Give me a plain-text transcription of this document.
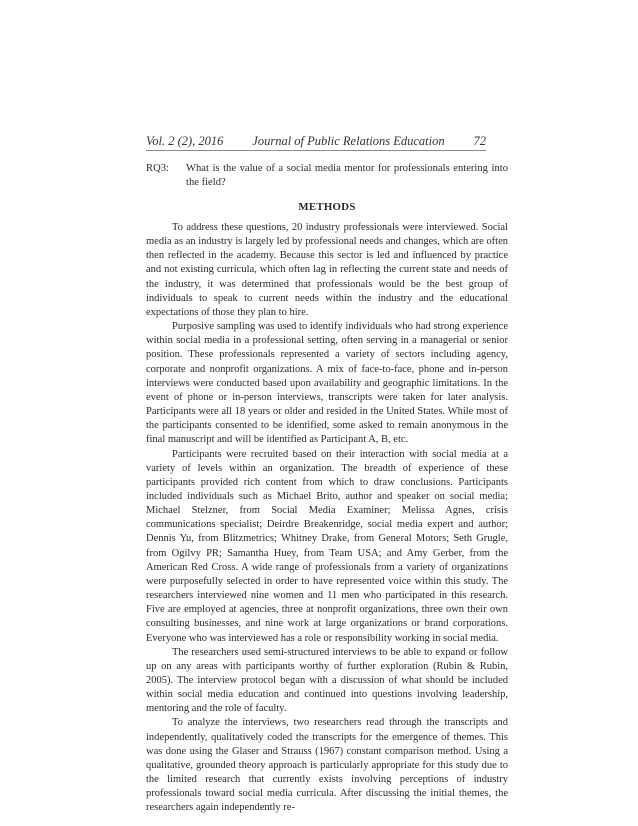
Vol. 2 (2), 2016 Journal of Public Relations Education 72
RQ3:	What is the value of a social media mentor for professionals entering into the field?
METHODS

To address these questions, 20 industry professionals were interviewed. Social media as an industry is largely led by professional needs and changes, which are often then reflected in the academy. Because this sector is led and influenced by practice and not existing curricula, which often lag in reflecting the current state and needs of the industry, it was determined that professionals would be the best group of individuals to speak to current needs within the industry and the educational expectations of those they plan to hire.

Purposive sampling was used to identify individuals who had strong experience within social media in a professional setting, often serving in a managerial or senior position. These professionals represented a variety of sectors including agency, corporate and nonprofit organizations. A mix of face-to-face, phone and in-person interviews were conducted based upon availability and geographic limitations. In the event of phone or in-person interviews, transcripts were taken for later analysis. Participants were all 18 years or older and resided in the United States. While most of the participants consented to be identified, some asked to remain anonymous in the final manuscript and will be identified as Participant A, B, etc.

Participants were recruited based on their interaction with social media at a variety of levels within an organization. The breadth of experience of these participants provided rich content from which to draw conclusions. Participants included individuals such as Michael Brito, author and speaker on social media; Michael Stelzner, from Social Media Examiner; Melissa Agnes, crisis communications specialist; Deirdre Breakenridge, social media expert and author; Dennis Yu, from Blitzmetrics; Whitney Drake, from General Motors; Seth Grugle, from Ogilvy PR; Samantha Huey, from Team USA; and Amy Gerber, from the American Red Cross. A wide range of professionals from a variety of organizations were purposefully selected in order to have represented voice within this study. The researchers interviewed nine women and 11 men who participated in this research. Five are employed at agencies, three at nonprofit organizations, three own their own consulting businesses, and nine work at large organizations or brand corporations. Everyone who was interviewed has a role or responsibility working in social media.

The researchers used semi-structured interviews to be able to expand or follow up on any areas with participants worthy of further exploration (Rubin & Rubin, 2005). The interview protocol began with a discussion of what should be included within social media education and continued into questions involving leadership, mentoring and the role of faculty.

To analyze the interviews, two researchers read through the transcripts and independently, qualitatively coded the transcripts for the emergence of themes. This was done using the Glaser and Strauss (1967) constant comparison method. Using a qualitative, grounded theory approach is particularly appropriate for this study due to the limited research that currently exists involving perceptions of industry professionals toward social media curricula. After discussing the initial themes, the researchers again independently re-
